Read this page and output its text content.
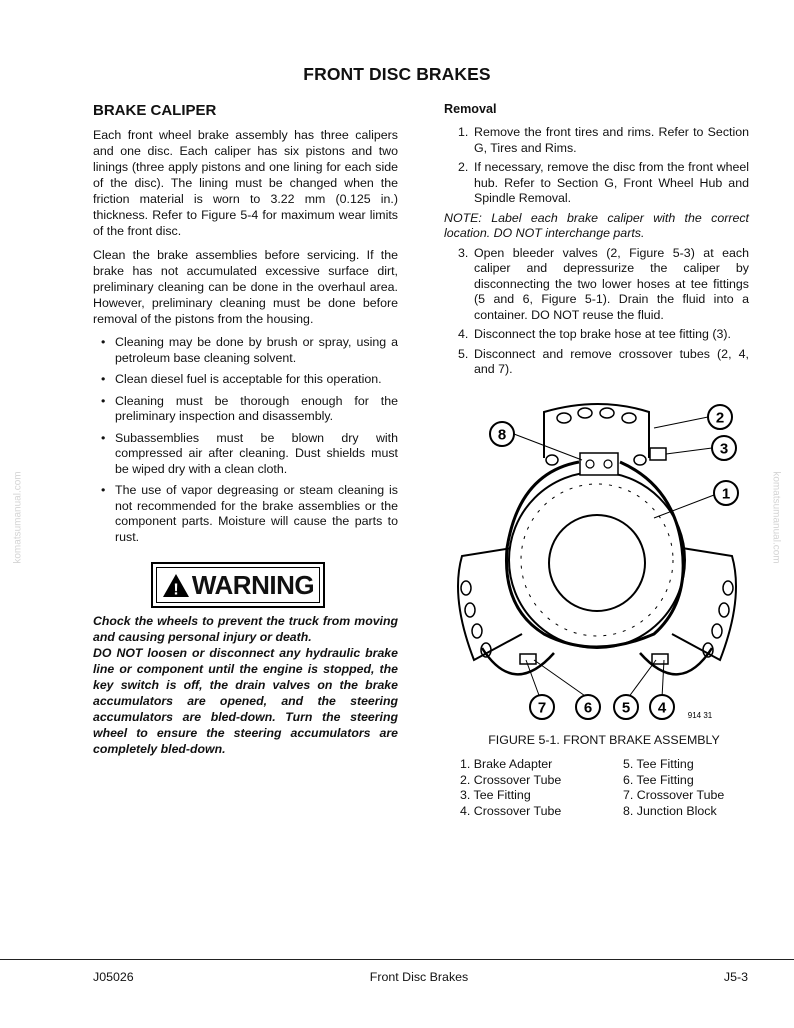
FRONT DISC BRAKES
komatsumanual.com	komatsumanual.com
BRAKE CALIPER

Each front wheel brake assembly has three calipers and one disc. Each caliper has six pistons and two linings (three apply pistons and one lining for each side of the disc). The lining must be changed when the friction material is worn to 3.22 mm (0.125 in.) thickness. Refer to Figure 5-4 for maximum wear limits of the front disc.

Clean the brake assemblies before servicing. If the brake has not accumulated excessive surface dirt, preliminary cleaning can be done in the overhaul area. However, preliminary cleaning must be done before removal of the pistons from the housing.

• Cleaning may be done by brush or spray, using a petroleum base cleaning solvent.
• Clean diesel fuel is acceptable for this operation.
• Cleaning must be thorough enough for the preliminary inspection and disassembly.
• Subassemblies must be blown dry with compressed air after cleaning. Dust shields must be wiped dry with a clean cloth.
• The use of vapor degreasing or steam cleaning is not recommended for the brake assemblies or the component parts. Moisture will cause the parts to rust.
! WARNING

Chock the wheels to prevent the truck from moving and causing personal injury or death.

DO NOT loosen or disconnect any hydraulic brake line or component until the engine is stopped, the key switch is off, the drain valves on the brake accumulators are opened, and the steering accumulators are bled-down. Turn the steering wheel to ensure the steering accumulators are completely bled-down.

Removal
1. Remove the front tires and rims. Refer to Section G, Tires and Rims.
2. If necessary, remove the disc from the front wheel hub. Refer to Section G, Front Wheel Hub and Spindle Removal.

NOTE: Label each brake caliper with the correct location. DO NOT interchange parts.

3. Open bleeder valves (2, Figure 5-3) at each caliper and depressurize the caliper by disconnecting the two lower hoses at tee fittings (5 and 6, Figure 5-1). Drain the fluid into a container. DO NOT reuse the fluid.
4. Disconnect the top brake hose at tee fitting (3).
5. Disconnect and remove crossover tubes (2, 4, and 7).
8
2
3
1
7	6 5 4	914 31
FIGURE 5-1. FRONT BRAKE ASSEMBLY
1. Brake Adapter
2. Crossover Tube
3. Tee Fitting
4. Crossover Tube
5. Tee Fitting
6. Tee Fitting
7. Crossover Tube
8. Junction Block
J05026	Front Disc Brakes	J5-3
